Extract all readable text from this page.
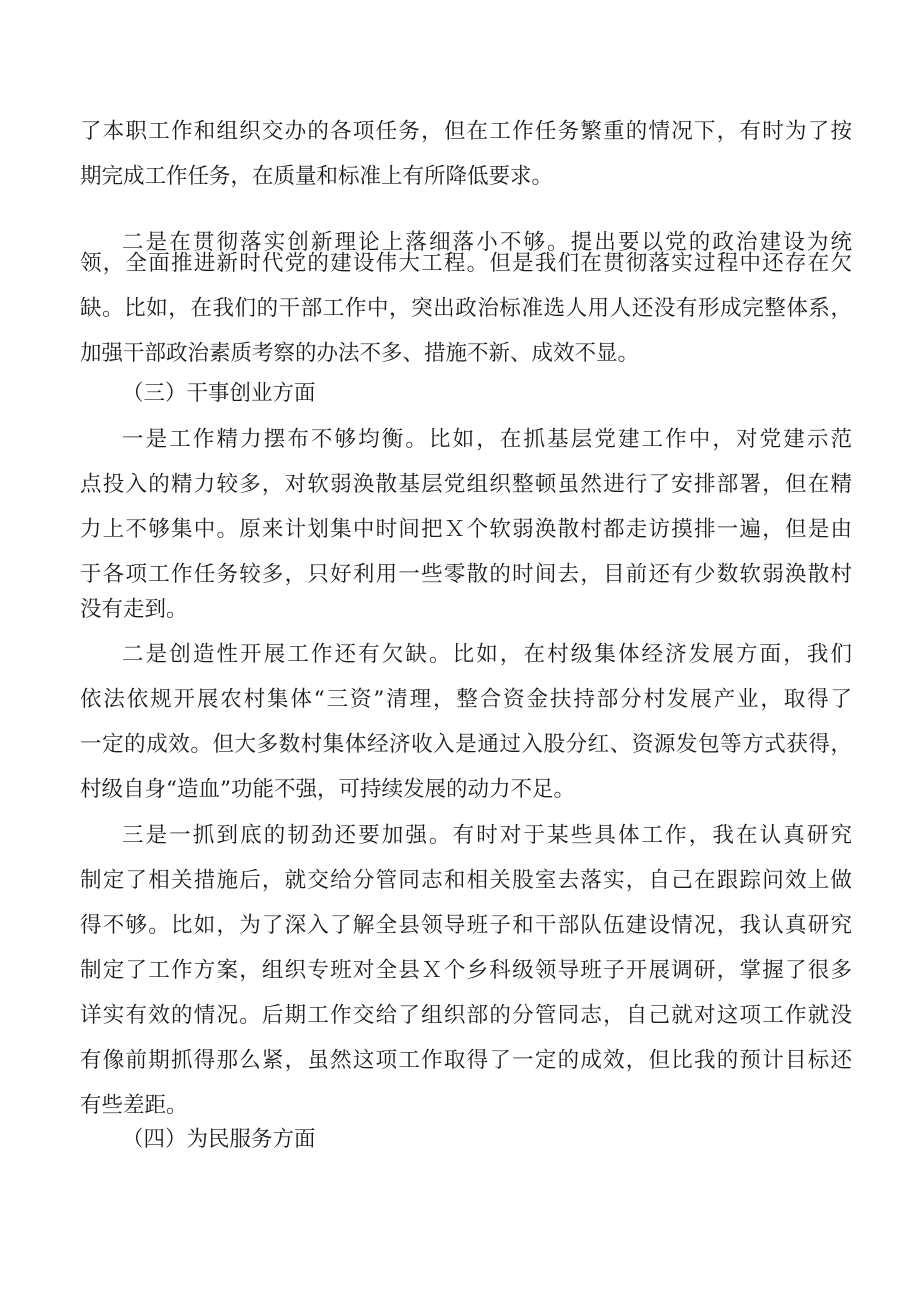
了本职工作和组织交办的各项任务，但在工作任务繁重的情况下，有时为了按
期完成工作任务，在质量和标准上有所降低要求。
二是在贯彻落实创新理论上落细落小不够。提出要以党的政治建设为统
领，全面推进新时代党的建设伟大工程。但是我们在贯彻落实过程中还存在欠
缺。比如，在我们的干部工作中，突出政治标准选人用人还没有形成完整体系，
加强干部政治素质考察的办法不多、措施不新、成效不显。
（三）干事创业方面
一是工作精力摆布不够均衡。比如，在抓基层党建工作中，对党建示范
点投入的精力较多，对软弱涣散基层党组织整顿虽然进行了安排部署，但在精
力上不够集中。原来计划集中时间把Ｘ个软弱涣散村都走访摸排一遍，但是由
于各项工作任务较多，只好利用一些零散的时间去，目前还有少数软弱涣散村
没有走到。
二是创造性开展工作还有欠缺。比如，在村级集体经济发展方面，我们
依法依规开展农村集体“三资”清理，整合资金扶持部分村发展产业，取得了
一定的成效。但大多数村集体经济收入是通过入股分红、资源发包等方式获得，
村级自身“造血”功能不强，可持续发展的动力不足。
三是一抓到底的韧劲还要加强。有时对于某些具体工作，我在认真研究
制定了相关措施后，就交给分管同志和相关股室去落实，自己在跟踪问效上做
得不够。比如，为了深入了解全县领导班子和干部队伍建设情况，我认真研究
制定了工作方案，组织专班对全县Ｘ个乡科级领导班子开展调研，掌握了很多
详实有效的情况。后期工作交给了组织部的分管同志，自己就对这项工作就没
有像前期抓得那么紧，虽然这项工作取得了一定的成效，但比我的预计目标还
有些差距。
（四）为民服务方面
